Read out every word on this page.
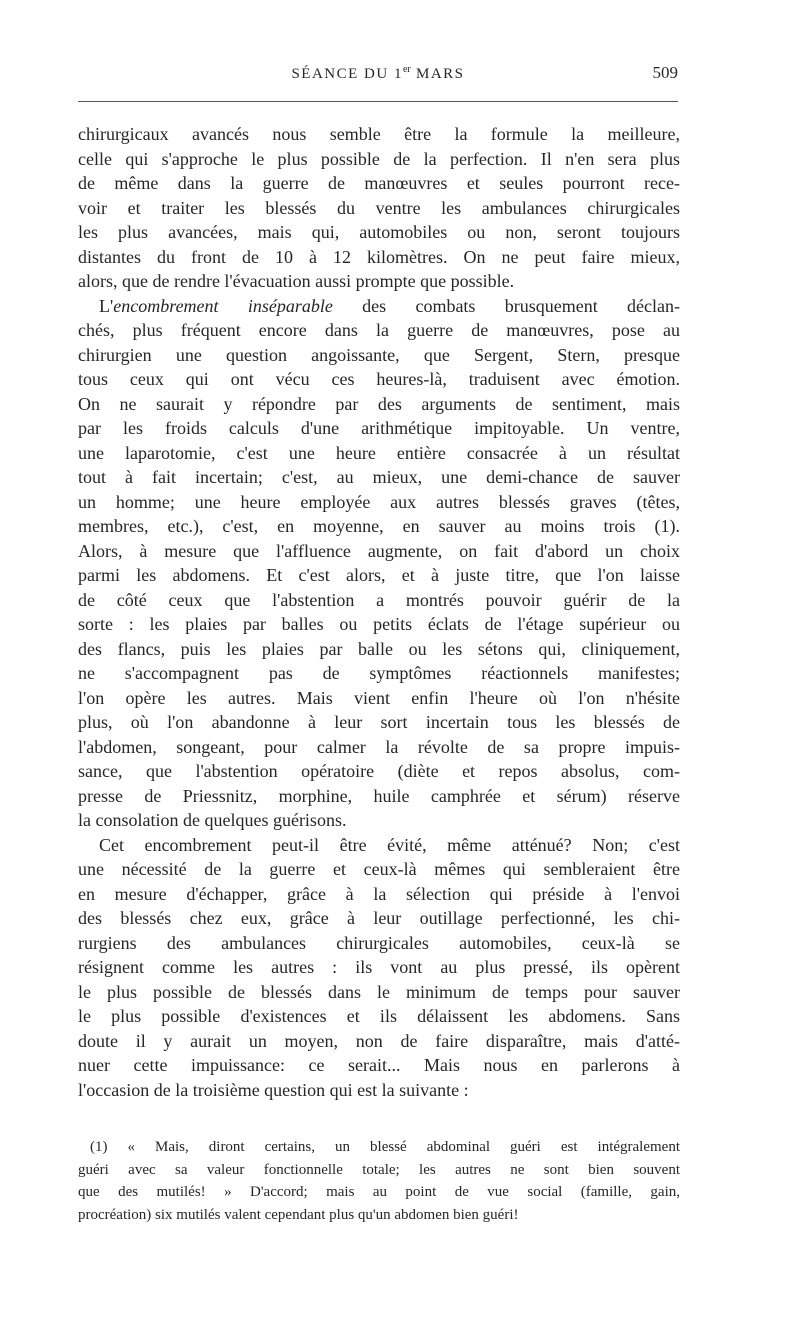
SÉANCE DU 1er MARS	509
chirurgicaux avancés nous semble être la formule la meilleure,
celle qui s'approche le plus possible de la perfection. Il n'en sera plus
de même dans la guerre de manœuvres et seules pourront rece-
voir et traiter les blessés du ventre les ambulances chirurgicales
les plus avancées, mais qui, automobiles ou non, seront toujours
distantes du front de 10 à 12 kilomètres. On ne peut faire mieux,
alors, que de rendre l'évacuation aussi prompte que possible.
L'encombrement inséparable des combats brusquement déclan-
chés, plus fréquent encore dans la guerre de manœuvres, pose au
chirurgien une question angoissante, que Sergent, Stern, presque
tous ceux qui ont vécu ces heures-là, traduisent avec émotion.
On ne saurait y répondre par des arguments de sentiment, mais
par les froids calculs d'une arithmétique impitoyable. Un ventre,
une laparotomie, c'est une heure entière consacrée à un résultat
tout à fait incertain; c'est, au mieux, une demi-chance de sauver
un homme; une heure employée aux autres blessés graves (têtes,
membres, etc.), c'est, en moyenne, en sauver au moins trois (1).
Alors, à mesure que l'affluence augmente, on fait d'abord un choix
parmi les abdomens. Et c'est alors, et à juste titre, que l'on laisse
de côté ceux que l'abstention a montrés pouvoir guérir de la
sorte : les plaies par balles ou petits éclats de l'étage supérieur ou
des flancs, puis les plaies par balle ou les sétons qui, cliniquement,
ne s'accompagnent pas de symptômes réactionnels manifestes;
l'on opère les autres. Mais vient enfin l'heure où l'on n'hésite
plus, où l'on abandonne à leur sort incertain tous les blessés de
l'abdomen, songeant, pour calmer la révolte de sa propre impuis-
sance, que l'abstention opératoire (diète et repos absolus, com-
presse de Priessnitz, morphine, huile camphrée et sérum) réserve
la consolation de quelques guérisons.
Cet encombrement peut-il être évité, même atténué? Non; c'est
une nécessité de la guerre et ceux-là mêmes qui sembleraient être
en mesure d'échapper, grâce à la sélection qui préside à l'envoi
des blessés chez eux, grâce à leur outillage perfectionné, les chi-
rurgiens des ambulances chirurgicales automobiles, ceux-là se
résignent comme les autres : ils vont au plus pressé, ils opèrent
le plus possible de blessés dans le minimum de temps pour sauver
le plus possible d'existences et ils délaissent les abdomens. Sans
doute il y aurait un moyen, non de faire disparaître, mais d'atté-
nuer cette impuissance: ce serait... Mais nous en parlerons à
l'occasion de la troisième question qui est la suivante :
(1) « Mais, diront certains, un blessé abdominal guéri est intégralement
guéri avec sa valeur fonctionnelle totale; les autres ne sont bien souvent
que des mutilés! » D'accord; mais au point de vue social (famille, gain,
procréation) six mutilés valent cependant plus qu'un abdomen bien guéri!
